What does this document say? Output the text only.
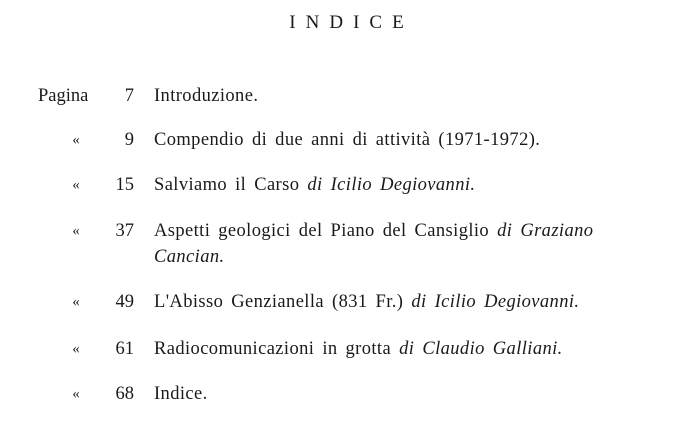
INDICE
Pagina	7 Introduzione.
«	9 Compendio di due anni di attività (1971-1972).
«	15 Salviamo il Carso di Icilio Degiovanni.
«	37 Aspetti geologici del Piano del Cansiglio di Graziano Cancian.
«	49 L'Abisso Genzianella (831 Fr.) di Icilio Degiovanni.
«	61 Radiocomunicazioni in grotta di Claudio Galliani.
«	68 Indice.
